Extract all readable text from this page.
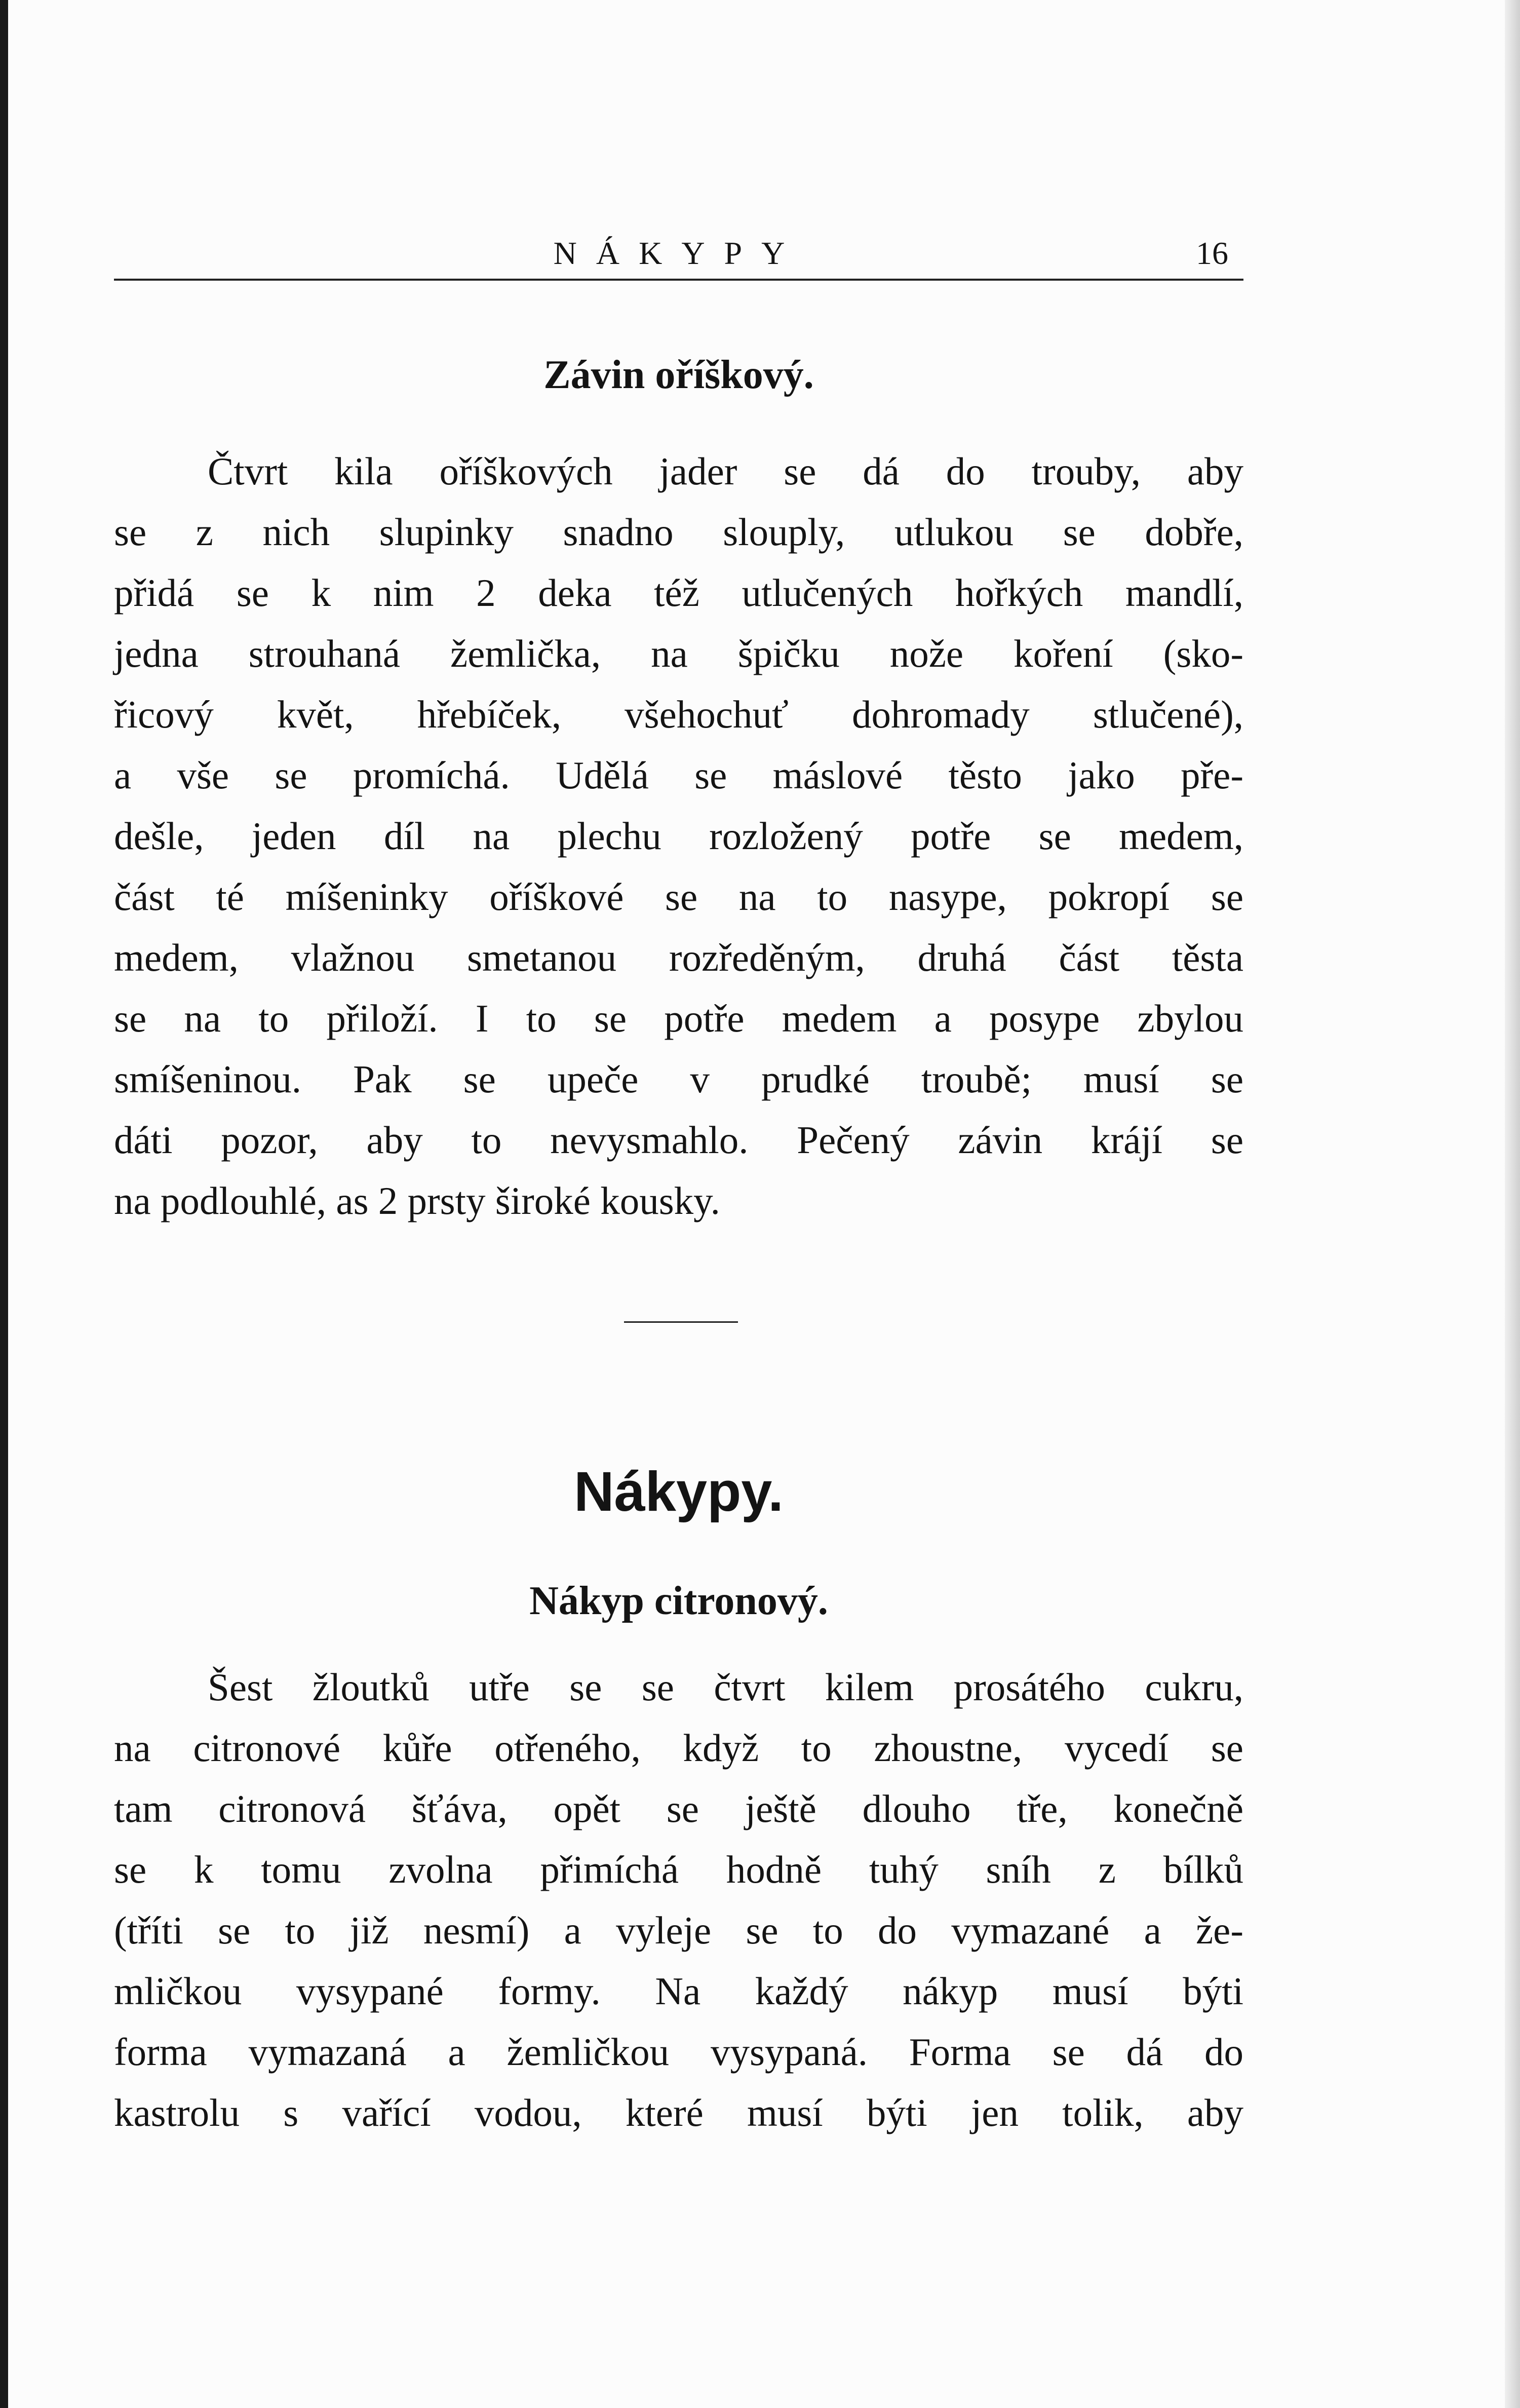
NÁKYPY	16
Závin oříškový.
Čtvrt kila oříškových jader se dá do trouby, aby
se z nich slupinky snadno slouply, utlukou se dobře,
přidá se k nim 2 deka též utlučených hořkých mandlí,
jedna strouhaná žemlička, na špičku nože koření (sko-
řicový květ, hřebíček, všehochuť dohromady stlučené),
a vše se promíchá. Udělá se máslové těsto jako pře-
dešle, jeden díl na plechu rozložený potře se medem,
část té míšeninky oříškové se na to nasype, pokropí se
medem, vlažnou smetanou rozředěným, druhá část těsta
se na to přiloží. I to se potře medem a posype zbylou
smíšeninou. Pak se upeče v prudké troubě; musí se
dáti pozor, aby to nevysmahlo. Pečený závin krájí se
na podlouhlé, as 2 prsty široké kousky.
Nákypy.
Nákyp citronový.
Šest žloutků utře se se čtvrt kilem prosátého cukru,
na citronové kůře otřeného, když to zhoustne, vycedí se
tam citronová šťáva, opět se ještě dlouho tře, konečně
se k tomu zvolna přimíchá hodně tuhý sníh z bílků
(tříti se to již nesmí) a vyleje se to do vymazané a že-
mličkou vysypané formy. Na každý nákyp musí býti
forma vymazaná a žemličkou vysypaná. Forma se dá do
kastrolu s vařící vodou, které musí býti jen tolik, aby
